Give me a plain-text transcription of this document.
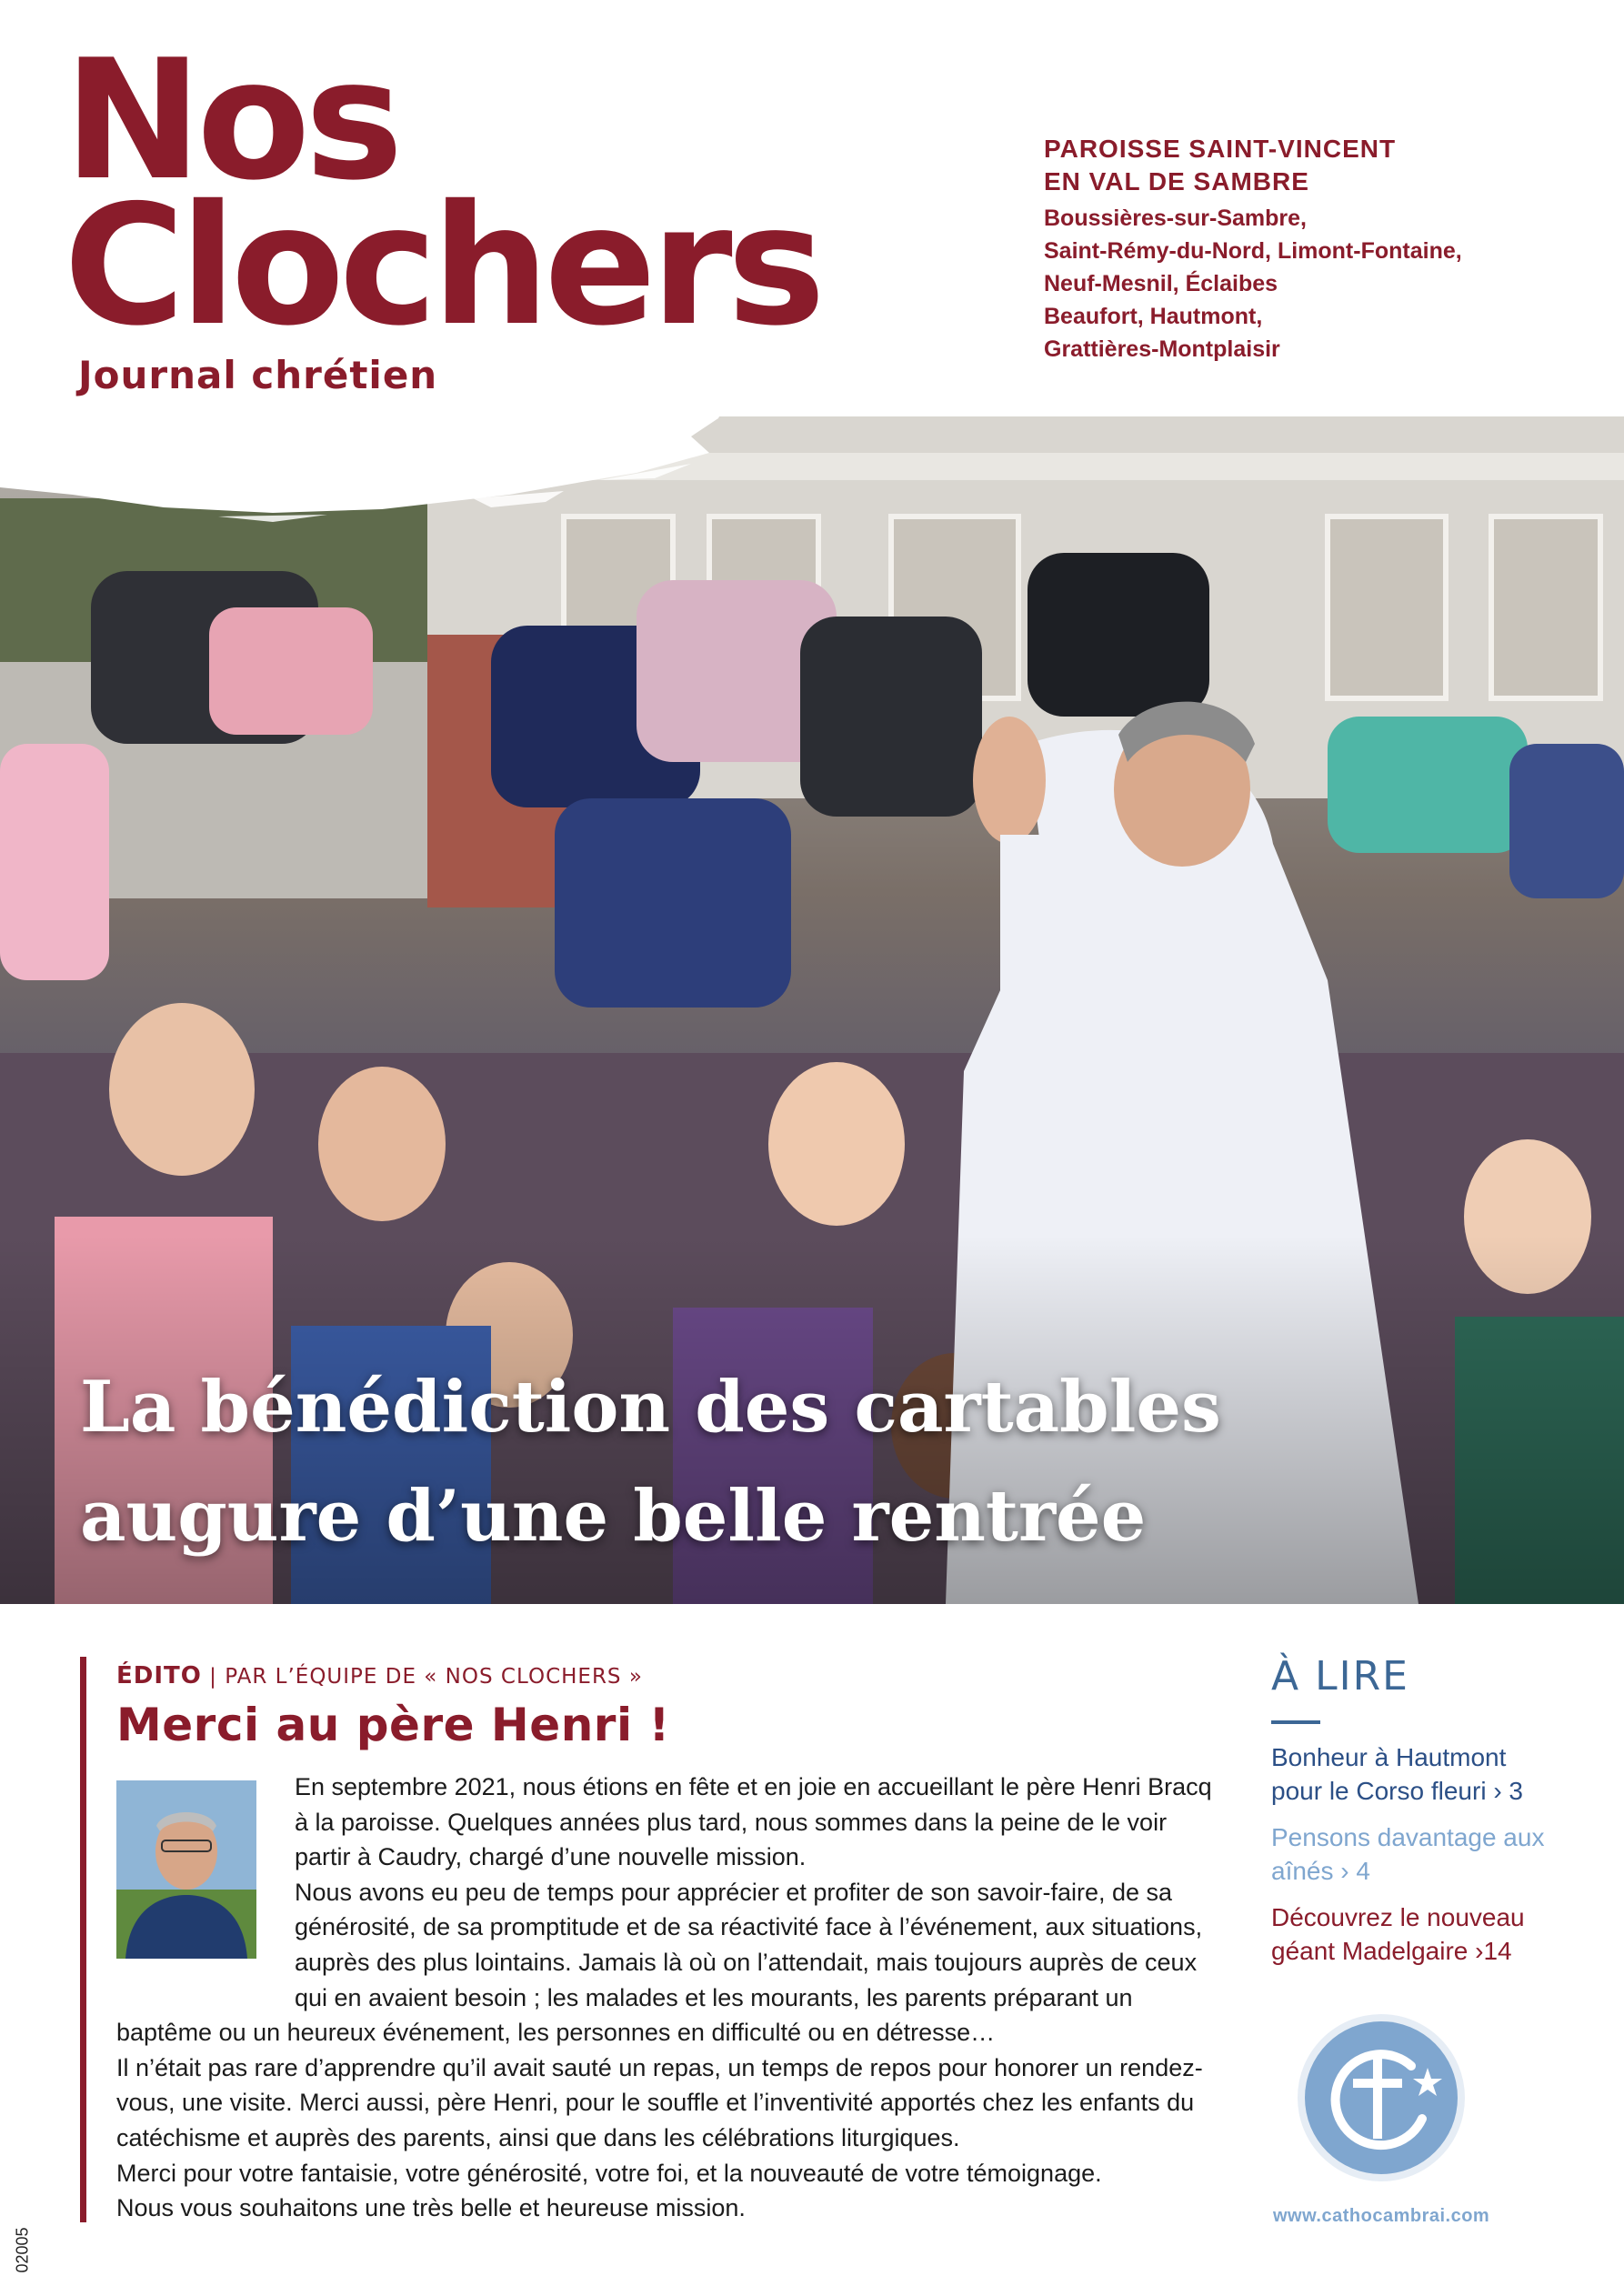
Nos
Clochers
Journal chrétien
PAROISSE SAINT-VINCENT
EN VAL DE SAMBRE
Boussières-sur-Sambre,
Saint-Rémy-du-Nord, Limont-Fontaine,
Neuf-Mesnil, Éclaibes
Beaufort, Hautmont,
Grattières-Montplaisir
La bénédiction des cartables
augure d’une belle rentrée
ÉDITO | PAR L’ÉQUIPE DE « NOS CLOCHERS »
Merci au père Henri !

En septembre 2021, nous étions en fête et en joie en accueillant le père Henri Bracq à la paroisse. Quelques années plus tard, nous sommes dans la peine de le voir partir à Caudry, chargé d’une nouvelle mission.

Nous avons eu peu de temps pour apprécier et profiter de son savoir-faire, de sa générosité, de sa promptitude et de sa réactivité face à l’événement, aux situations, auprès des plus lointains. Jamais là où on l’attendait, mais toujours auprès de ceux qui en avaient besoin ; les malades et les mourants, les parents préparant un baptême ou un heureux événement, les personnes en difficulté ou en détresse…

Il n’était pas rare d’apprendre qu’il avait sauté un repas, un temps de repos pour honorer un rendez-vous, une visite. Merci aussi, père Henri, pour le souffle et l’inventivité apportés chez les enfants du catéchisme et auprès des parents, ainsi que dans les célébrations liturgiques.

Merci pour votre fantaisie, votre générosité, votre foi, et la nouveauté de votre témoignage.

Nous vous souhaitons une très belle et heureuse mission.

À LIRE
Bonheur à Hautmont pour le Corso fleuri › 3
Pensons davantage aux aînés › 4
Découvrez le nouveau géant Madelgaire ›14
www.cathocambrai.com
02005
